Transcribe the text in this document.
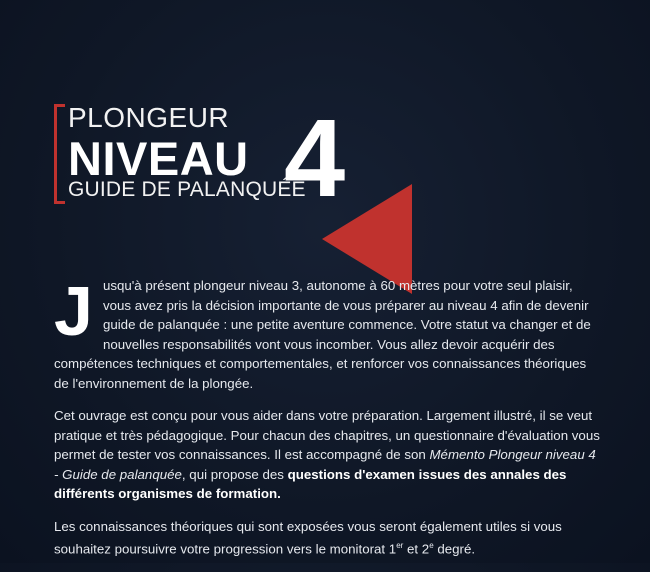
PLONGEUR
NIVEAU
GUIDE DE PALANQUÉE
4

Jusqu'à présent plongeur niveau 3, autonome à 60 mètres pour votre seul plaisir, vous avez pris la décision importante de vous préparer au niveau 4 afin de devenir guide de palanquée : une petite aventure commence. Votre statut va changer et de nouvelles responsabilités vont vous incomber. Vous allez devoir acquérir des compétences techniques et comportementales, et renforcer vos connaissances théoriques de l'environnement de la plongée.

Cet ouvrage est conçu pour vous aider dans votre préparation. Largement illustré, il se veut pratique et très pédagogique. Pour chacun des chapitres, un questionnaire d'évaluation vous permet de tester vos connaissances. Il est accompagné de son Mémento Plongeur niveau 4 - Guide de palanquée, qui propose des questions d'examen issues des annales des différents organismes de formation.

Les connaissances théoriques qui sont exposées vous seront également utiles si vous souhaitez poursuivre votre progression vers le monitorat 1er et 2e degré.
